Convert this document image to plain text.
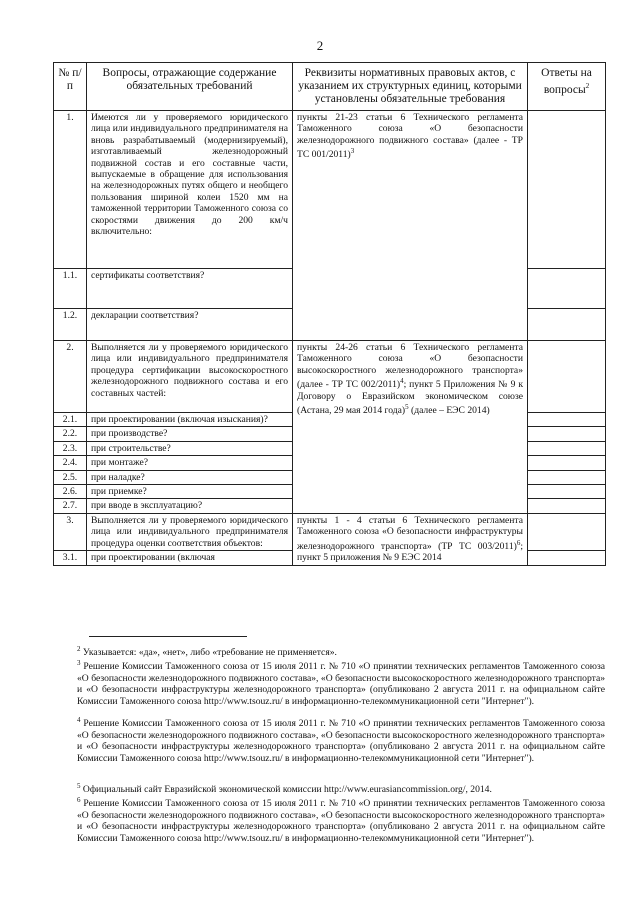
2
№ п/п	Вопросы, отражающие содержание обязательных требований	Реквизиты нормативных правовых актов, с указанием их структурных единиц, которыми установлены обязательные требования	Ответы на вопросы$^2$
1.	Имеются ли у проверяемого юридического лица или индивидуального предпринимателя на вновь разрабатываемый (модернизируемый), изготавливаемый железнодорожный подвижной состав и его составные части, выпускаемые в обращение для использования на железнодорожных путях общего и необщего пользования шириной колеи 1520 мм на таможенной территории Таможенного союза со скоростями движения до 200 км/ч включительно:	пункты 21-23 статьи 6 Технического регламента Таможенного союза «О безопасности железнодорожного подвижного состава» (далее - ТР ТС 001/2011)$^3$	
1.1.	сертификаты соответствия?		
1.2.	декларации соответствия?		
2.	Выполняется ли у проверяемого юридического лица или индивидуального предпринимателя процедура сертификации высокоскоростного железнодорожного подвижного состава и его составных частей:	пункты 24-26 статьи 6 Технического регламента Таможенного союза «О безопасности высокоскоростного железнодорожного транспорта» (далее - ТР ТС 002/2011)$^4$; пункт 5 Приложения № 9 к Договору о Евразийском экономическом союзе (Астана, 29 мая 2014 года)$^5$ (далее – ЕЭС 2014)	
2.1.	при проектировании (включая изыскания)?		
2.2.	при производстве?		
2.3.	при строительстве?		
2.4.	при монтаже?		
2.5.	при наладке?		
2.6.	при приемке?		
2.7.	при вводе в эксплуатацию?		
3.	Выполняется ли у проверяемого юридического лица или индивидуального предпринимателя процедура оценки соответствия объектов:	пункты 1 - 4 статьи 6 Технического регламента Таможенного союза «О безопасности инфраструктуры железнодорожного транспорта» (ТР ТС 003/2011)$^6$; пункт 5 приложения № 9 ЕЭС 2014	
3.1.	при проектировании (включая		
$^2$ Указывается: «да», «нет», либо «требование не применяется».
$^3$ Решение Комиссии Таможенного союза от 15 июля 2011 г. № 710 «О принятии технических регламентов Таможенного союза «О безопасности железнодорожного подвижного состава», «О безопасности высокоскоростного железнодорожного транспорта» и «О безопасности инфраструктуры железнодорожного транспорта» (опубликовано 2 августа 2011 г. на официальном сайте Комиссии Таможенного союза http://www.tsouz.ru/ в информационно-телекоммуникационной сети "Интернет").
$^4$ Решение Комиссии Таможенного союза от 15 июля 2011 г. № 710 «О принятии технических регламентов Таможенного союза «О безопасности железнодорожного подвижного состава», «О безопасности высокоскоростного железнодорожного транспорта» и «О безопасности инфраструктуры железнодорожного транспорта» (опубликовано 2 августа 2011 г. на официальном сайте Комиссии Таможенного союза http://www.tsouz.ru/ в информационно-телекоммуникационной сети "Интернет").
$^5$ Официальный сайт Евразийской экономической комиссии http://www.eurasiancommission.org/, 2014.
$^6$ Решение Комиссии Таможенного союза от 15 июля 2011 г. № 710 «О принятии технических регламентов Таможенного союза «О безопасности железнодорожного подвижного состава», «О безопасности высокоскоростного железнодорожного транспорта» и «О безопасности инфраструктуры железнодорожного транспорта» (опубликовано 2 августа 2011 г. на официальном сайте Комиссии Таможенного союза http://www.tsouz.ru/ в информационно-телекоммуникационной сети "Интернет").
